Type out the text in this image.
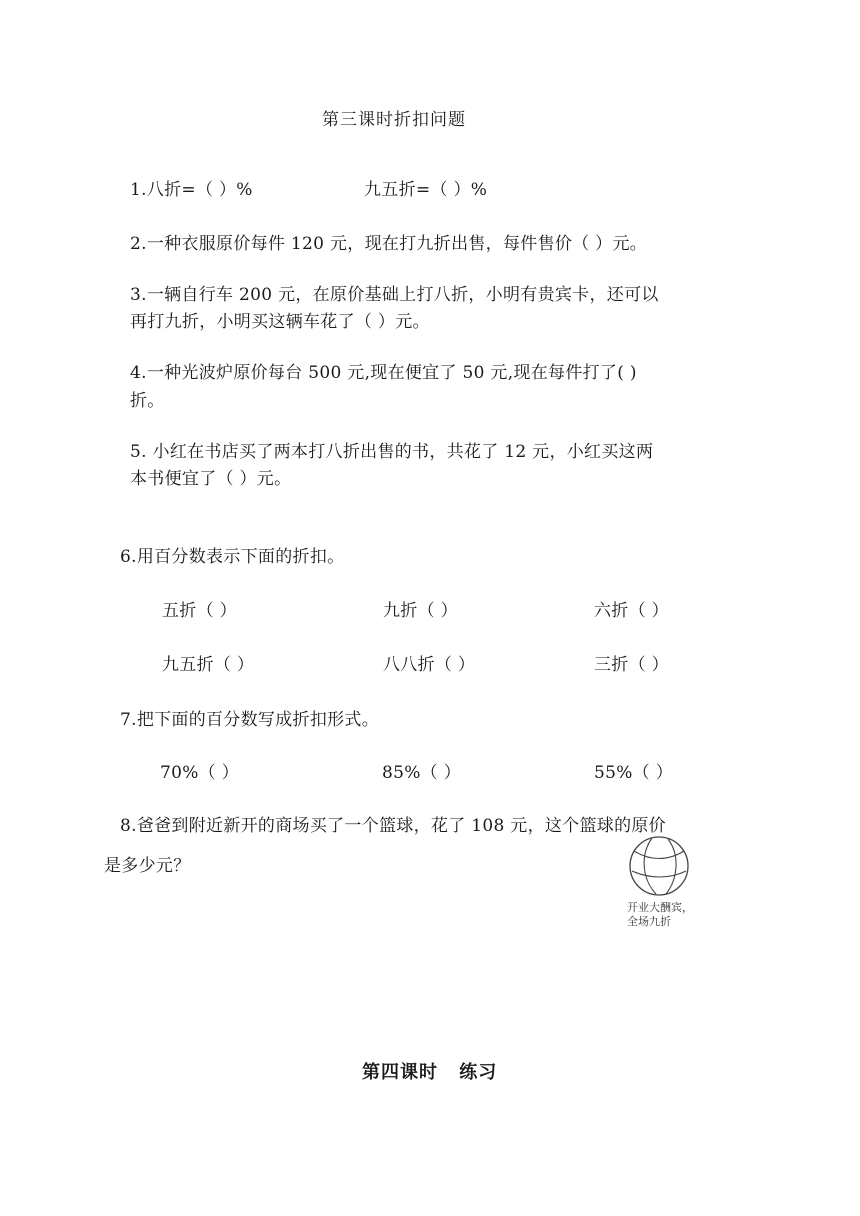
第三课时折扣问题
1.八折=（ ）%	九五折=（ ）%
2.一种衣服原价每件 120 元，现在打九折出售，每件售价（ ）元。
3.一辆自行车 200 元，在原价基础上打八折，小明有贵宾卡，还可以
再打九折，小明买这辆车花了（ ）元。
4.一种光波炉原价每台 500 元,现在便宜了 50 元,现在每件打了( )
折。
5. 小红在书店买了两本打八折出售的书，共花了 12 元，小红买这两
本书便宜了（ ）元。
6.用百分数表示下面的折扣。
五折（ ）	九折（ ）	六折（ ）
九五折（ ）	八八折（ ）	三折（ ）
7.把下面的百分数写成折扣形式。
70%（ ）	85%（ ）	55%（ ）
8.爸爸到附近新开的商场买了一个篮球，花了 108 元，这个篮球的原价
是多少元？
开业大酬宾，
全场九折
第四课时 练习
